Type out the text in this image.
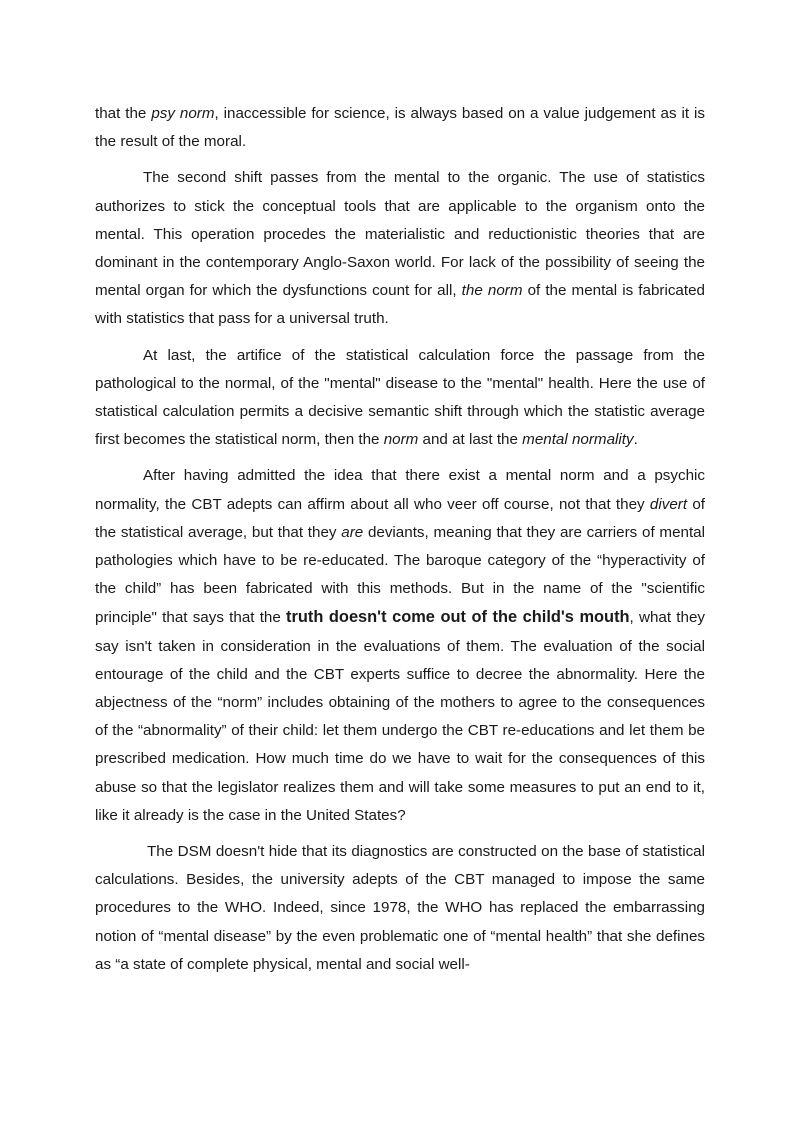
that the psy norm, inaccessible for science, is always based on a value judgement as it is the result of the moral.

The second shift passes from the mental to the organic. The use of statistics authorizes to stick the conceptual tools that are applicable to the organism onto the mental. This operation procedes the materialistic and reductionistic theories that are dominant in the contemporary Anglo-Saxon world. For lack of the possibility of seeing the mental organ for which the dysfunctions count for all, the norm of the mental is fabricated with statistics that pass for a universal truth.

At last, the artifice of the statistical calculation force the passage from the pathological to the normal, of the "mental" disease to the "mental" health. Here the use of statistical calculation permits a decisive semantic shift through which the statistic average first becomes the statistical norm, then the norm and at last the mental normality.

After having admitted the idea that there exist a mental norm and a psychic normality, the CBT adepts can affirm about all who veer off course, not that they divert of the statistical average, but that they are deviants, meaning that they are carriers of mental pathologies which have to be re-educated. The baroque category of the “hyperactivity of the child” has been fabricated with this methods. But in the name of the "scientific principle" that says that the truth doesn't come out of the child's mouth, what they say isn't taken in consideration in the evaluations of them. The evaluation of the social entourage of the child and the CBT experts suffice to decree the abnormality. Here the abjectness of the “norm” includes obtaining of the mothers to agree to the consequences of the “abnormality” of their child: let them undergo the CBT re-educations and let them be prescribed medication. How much time do we have to wait for the consequences of this abuse so that the legislator realizes them and will take some measures to put an end to it, like it already is the case in the United States?

The DSM doesn't hide that its diagnostics are constructed on the base of statistical calculations. Besides, the university adepts of the CBT managed to impose the same procedures to the WHO. Indeed, since 1978, the WHO has replaced the embarrassing notion of “mental disease” by the even problematic one of “mental health” that she defines as “a state of complete physical, mental and social well-
